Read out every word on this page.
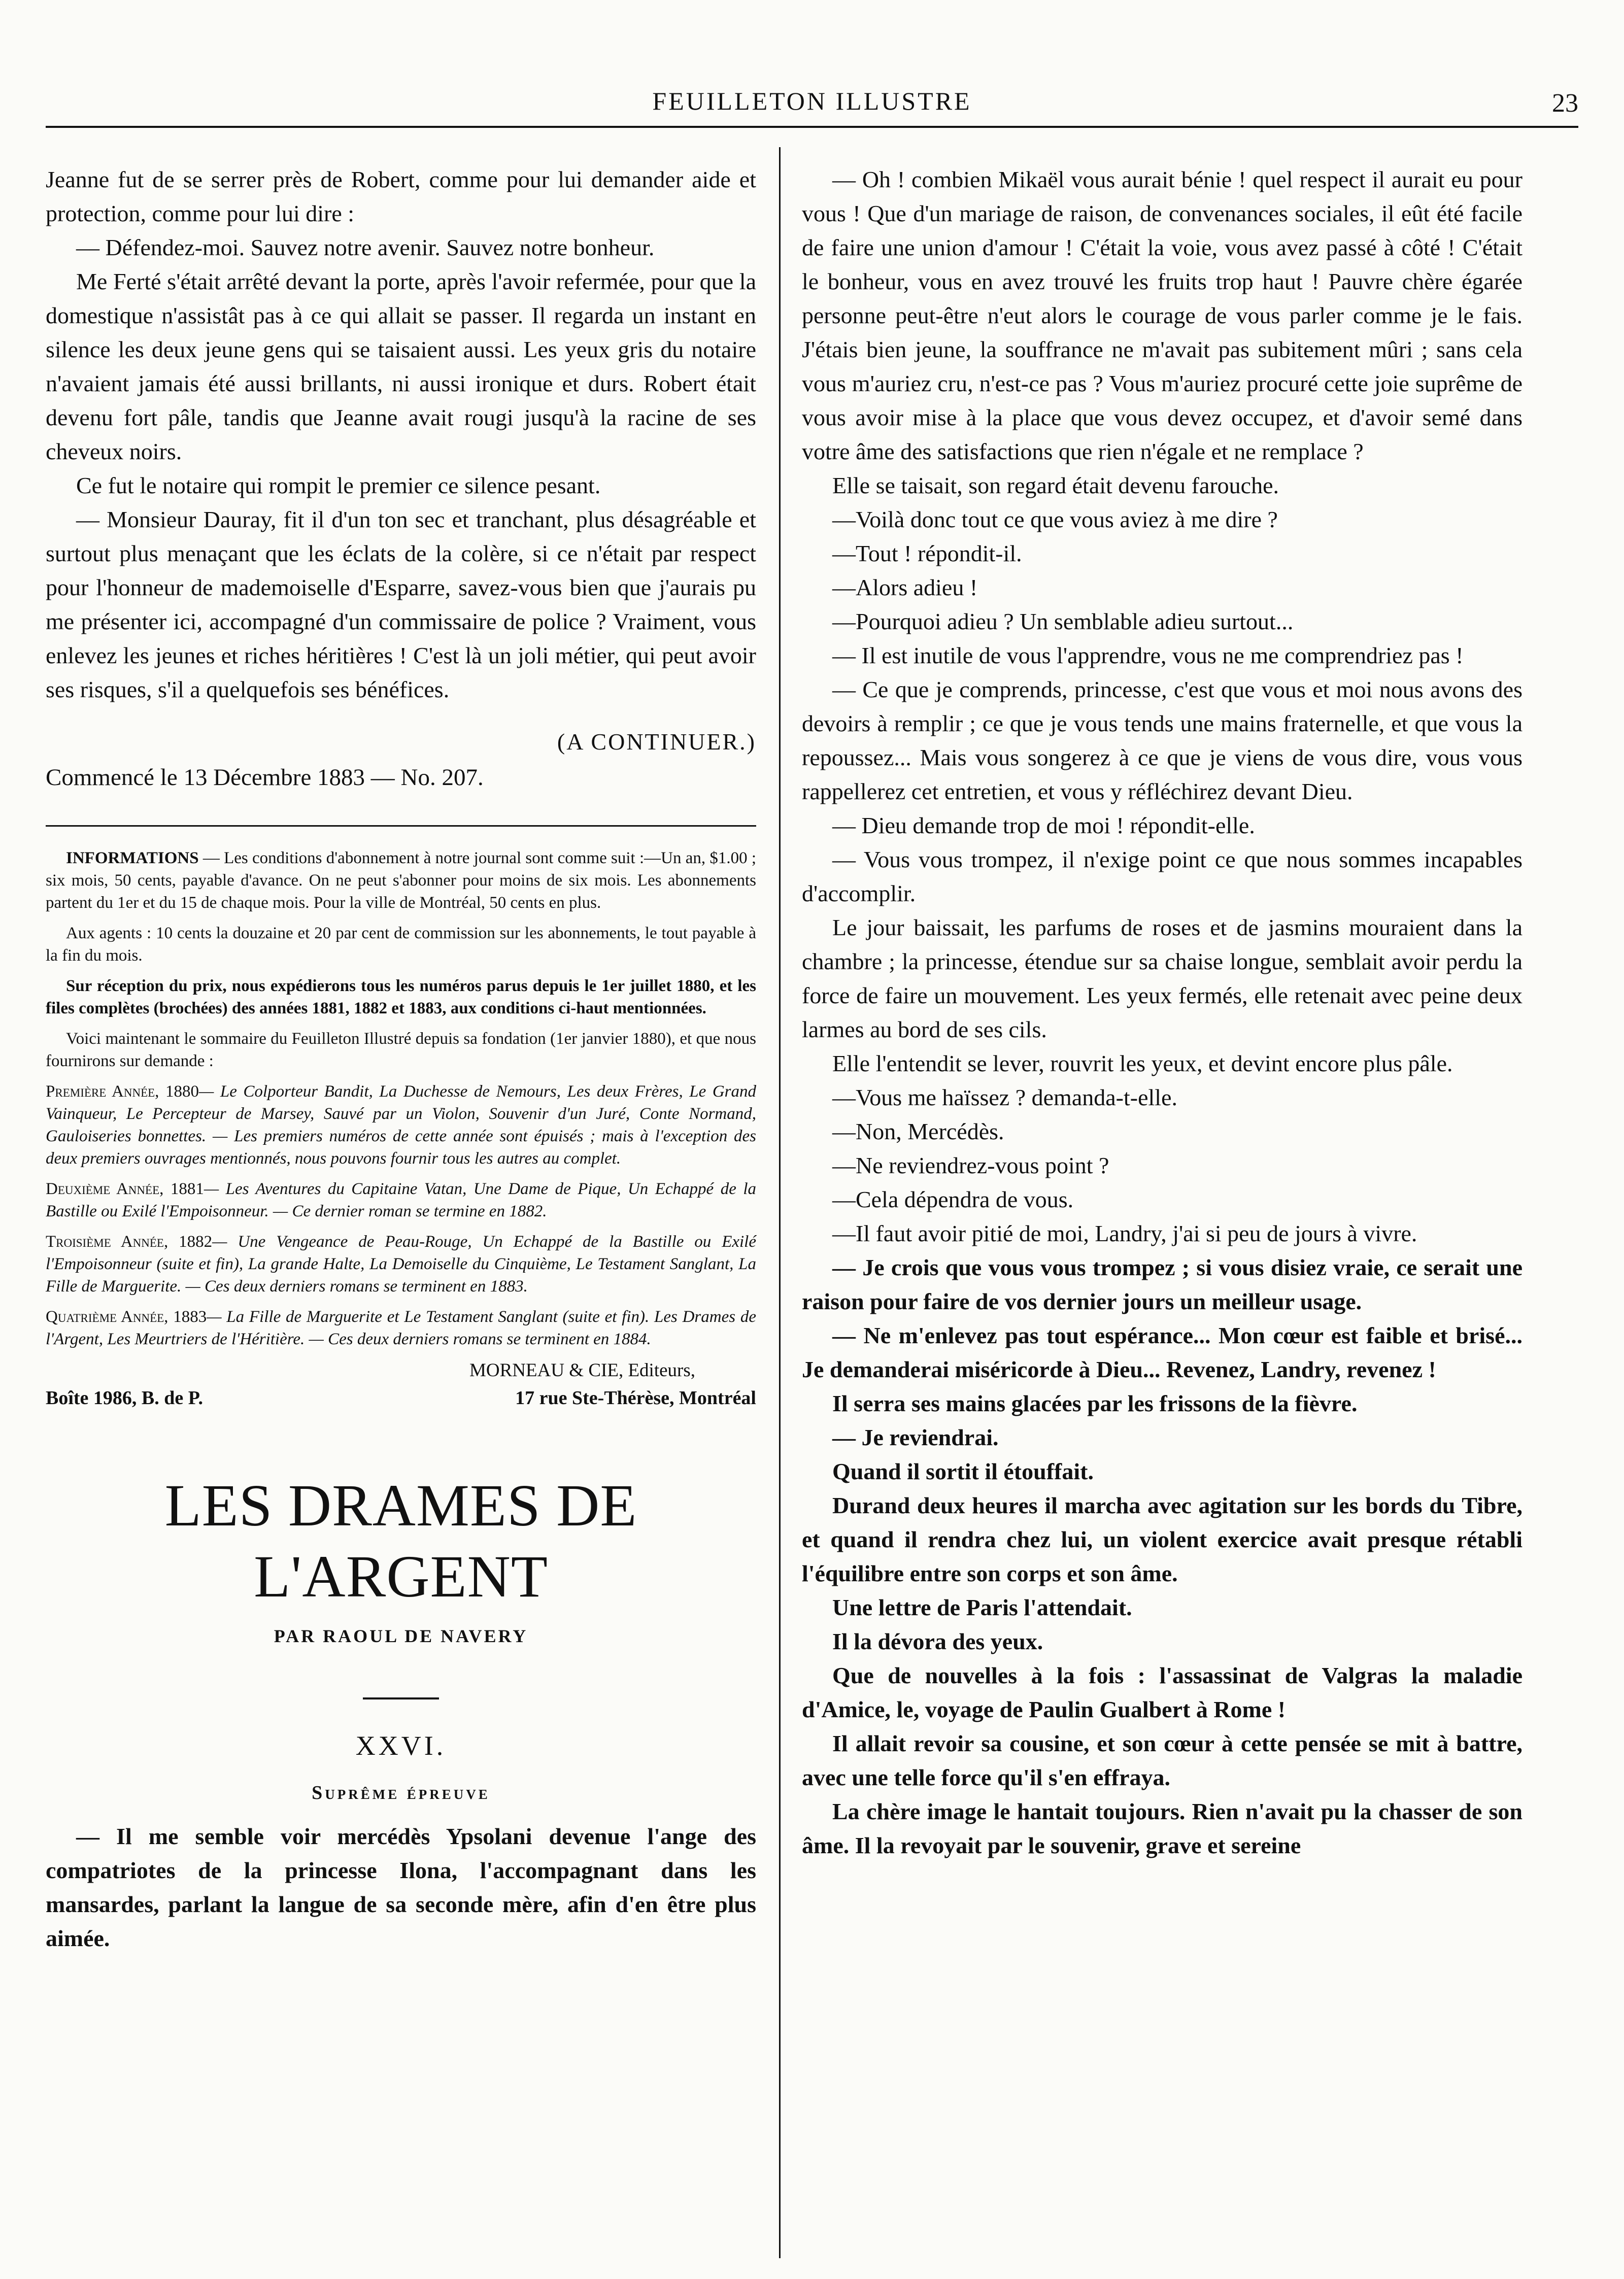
FEUILLETON ILLUSTRE	23

Jeanne fut de se serrer près de Robert, comme pour lui demander aide et protection, comme pour lui dire :

— Défendez-moi. Sauvez notre avenir. Sauvez notre bonheur.

Me Ferté s'était arrêté devant la porte, après l'avoir refermée, pour que la domestique n'assistât pas à ce qui allait se passer. Il regarda un instant en silence les deux jeune gens qui se taisaient aussi. Les yeux gris du notaire n'avaient jamais été aussi brillants, ni aussi ironique et durs. Robert était devenu fort pâle, tandis que Jeanne avait rougi jusqu'à la racine de ses cheveux noirs.

Ce fut le notaire qui rompit le premier ce silence pesant.

— Monsieur Dauray, fit il d'un ton sec et tranchant, plus désagréable et surtout plus menaçant que les éclats de la colère, si ce n'était par respect pour l'honneur de mademoiselle d'Esparre, savez-vous bien que j'aurais pu me présenter ici, accompagné d'un commissaire de police ? Vraiment, vous enlevez les jeunes et riches héritières ! C'est là un joli métier, qui peut avoir ses risques, s'il a quelquefois ses bénéfices.

(A CONTINUER.)
Commencé le 13 Décembre 1883 — No. 207.

INFORMATIONS — Les conditions d'abonnement à notre journal sont comme suit :—Un an, $1.00 ; six mois, 50 cents, payable d'avance. On ne peut s'abonner pour moins de six mois. Les abonnements partent du 1er et du 15 de chaque mois. Pour la ville de Montréal, 50 cents en plus.

Aux agents : 10 cents la douzaine et 20 par cent de commission sur les abonnements, le tout payable à la fin du mois.

Sur réception du prix, nous expédierons tous les numéros parus depuis le 1er juillet 1880, et les files complètes (brochées) des années 1881, 1882 et 1883, aux conditions ci-haut mentionnées.

Voici maintenant le sommaire du Feuilleton Illustré depuis sa fondation (1er janvier 1880), et que nous fournirons sur demande :

Première Année, 1880— Le Colporteur Bandit, La Duchesse de Nemours, Les deux Frères, Le Grand Vainqueur, Le Percepteur de Marsey, Sauvé par un Violon, Souvenir d'un Juré, Conte Normand, Gauloiseries bonnettes. — Les premiers numéros de cette année sont épuisés ; mais à l'exception des deux premiers ouvrages mentionnés, nous pouvons fournir tous les autres au complet.

Deuxième Année, 1881— Les Aventures du Capitaine Vatan, Une Dame de Pique, Un Echappé de la Bastille ou Exilé l'Empoisonneur. — Ce dernier roman se termine en 1882.

Troisième Année, 1882— Une Vengeance de Peau-Rouge, Un Echappé de la Bastille ou Exilé l'Empoisonneur (suite et fin), La grande Halte, La Demoiselle du Cinquième, Le Testament Sanglant, La Fille de Marguerite. — Ces deux derniers romans se terminent en 1883.

Quatrième Année, 1883— La Fille de Marguerite et Le Testament Sanglant (suite et fin). Les Drames de l'Argent, Les Meurtriers de l'Héritière. — Ces deux derniers romans se terminent en 1884.

MORNEAU & CIE, Editeurs,
Boîte 1986, B. de P.	17 rue Ste-Thérèse, Montréal
LES DRAMES DE L'ARGENT
PAR RAOUL DE NAVERY
XXVI.
Suprême épreuve

— Il me semble voir mercédès Ypsolani devenue l'ange des compatriotes de la princesse Ilona, l'accompagnant dans les mansardes, parlant la langue de sa seconde mère, afin d'en être plus aimée.

— Oh ! combien Mikaël vous aurait bénie ! quel respect il aurait eu pour vous ! Que d'un mariage de raison, de convenances sociales, il eût été facile de faire une union d'amour ! C'était la voie, vous avez passé à côté ! C'était le bonheur, vous en avez trouvé les fruits trop haut ! Pauvre chère égarée personne peut-être n'eut alors le courage de vous parler comme je le fais. J'étais bien jeune, la souffrance ne m'avait pas subitement mûri ; sans cela vous m'auriez cru, n'est-ce pas ? Vous m'auriez procuré cette joie suprême de vous avoir mise à la place que vous devez occupez, et d'avoir semé dans votre âme des satisfactions que rien n'égale et ne remplace ?

Elle se taisait, son regard était devenu farouche.

—Voilà donc tout ce que vous aviez à me dire ?

—Tout ! répondit-il.

—Alors adieu !

—Pourquoi adieu ? Un semblable adieu surtout...

— Il est inutile de vous l'apprendre, vous ne me comprendriez pas !

— Ce que je comprends, princesse, c'est que vous et moi nous avons des devoirs à remplir ; ce que je vous tends une mains fraternelle, et que vous la repoussez... Mais vous songerez à ce que je viens de vous dire, vous vous rappellerez cet entretien, et vous y réfléchirez devant Dieu.

— Dieu demande trop de moi ! répondit-elle.

— Vous vous trompez, il n'exige point ce que nous sommes incapables d'accomplir.

Le jour baissait, les parfums de roses et de jasmins mouraient dans la chambre ; la princesse, étendue sur sa chaise longue, semblait avoir perdu la force de faire un mouvement. Les yeux fermés, elle retenait avec peine deux larmes au bord de ses cils.

Elle l'entendit se lever, rouvrit les yeux, et devint encore plus pâle.

—Vous me haïssez ? demanda-t-elle.

—Non, Mercédès.

—Ne reviendrez-vous point ?

—Cela dépendra de vous.

—Il faut avoir pitié de moi, Landry, j'ai si peu de jours à vivre.

— Je crois que vous vous trompez ; si vous disiez vraie, ce serait une raison pour faire de vos dernier jours un meilleur usage.

— Ne m'enlevez pas tout espérance... Mon cœur est faible et brisé... Je demanderai miséricorde à Dieu... Revenez, Landry, revenez !

Il serra ses mains glacées par les frissons de la fièvre.

— Je reviendrai.

Quand il sortit il étouffait.

Durand deux heures il marcha avec agitation sur les bords du Tibre, et quand il rendra chez lui, un violent exercice avait presque rétabli l'équilibre entre son corps et son âme.

Une lettre de Paris l'attendait.

Il la dévora des yeux.

Que de nouvelles à la fois : l'assassinat de Valgras la maladie d'Amice, le, voyage de Paulin Gualbert à Rome !

Il allait revoir sa cousine, et son cœur à cette pensée se mit à battre, avec une telle force qu'il s'en effraya.

La chère image le hantait toujours. Rien n'avait pu la chasser de son âme. Il la revoyait par le souvenir, grave et sereine
